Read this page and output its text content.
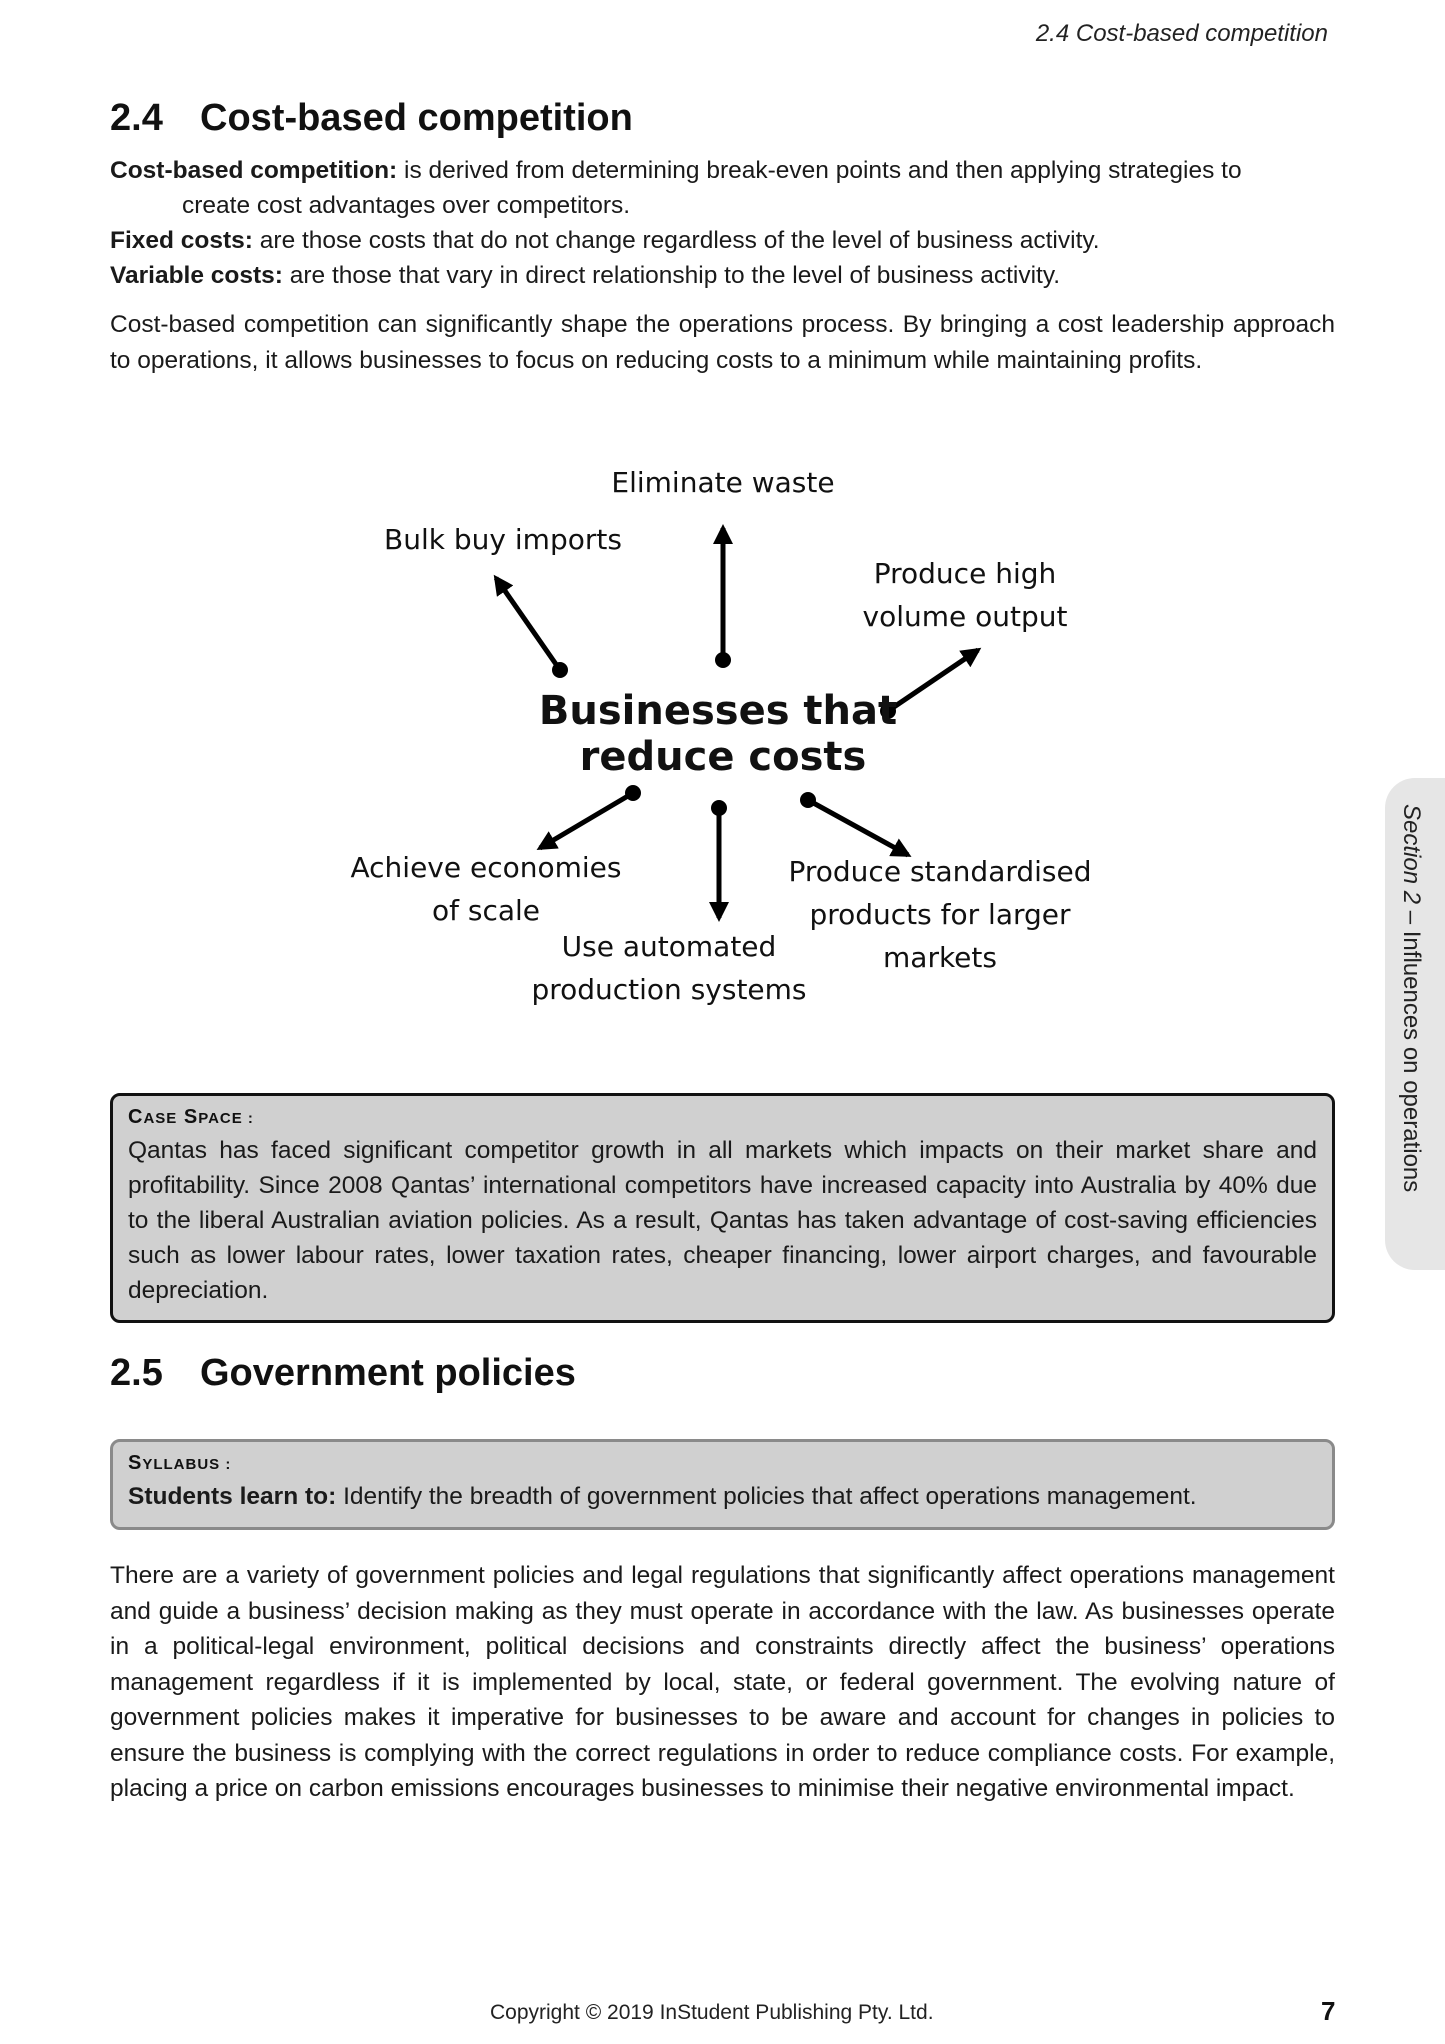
2.4 Cost-based competition
2.4 Cost-based competition
Cost-based competition: is derived from determining break-even points and then applying strategies to
create cost advantages over competitors.
Fixed costs: are those costs that do not change regardless of the level of business activity.
Variable costs: are those that vary in direct relationship to the level of business activity.

Cost-based competition can significantly shape the operations process. By bringing a cost leadership approach to operations, it allows businesses to focus on reducing costs to a minimum while maintaining profits.

Businesses that
reduce costs
Eliminate waste
Bulk buy imports
Produce high
volume output
Achieve economies
of scale
Use automated
production systems
Produce standardised
products for larger
markets
CASE SPACE :
Qantas has faced significant competitor growth in all markets which impacts on their market share and profitability. Since 2008 Qantas’ international competitors have increased capacity into Australia by 40% due to the liberal Australian aviation policies. As a result, Qantas has taken advantage of cost-saving efficiencies such as lower labour rates, lower taxation rates, cheaper financing, lower airport charges, and favourable depreciation.
2.5 Government policies
SYLLABUS :
Students learn to: Identify the breadth of government policies that affect operations management.

There are a variety of government policies and legal regulations that significantly affect operations management and guide a business’ decision making as they must operate in accordance with the law. As businesses operate in a political-legal environment, political decisions and constraints directly affect the business’ operations management regardless if it is implemented by local, state, or federal government. The evolving nature of government policies makes it imperative for businesses to be aware and account for changes in policies to ensure the business is complying with the correct regulations in order to reduce compliance costs. For example, placing a price on carbon emissions encourages businesses to minimise their negative environmental impact.

Section 2 – Influences on operations
Copyright © 2019 InStudent Publishing Pty. Ltd.	7
